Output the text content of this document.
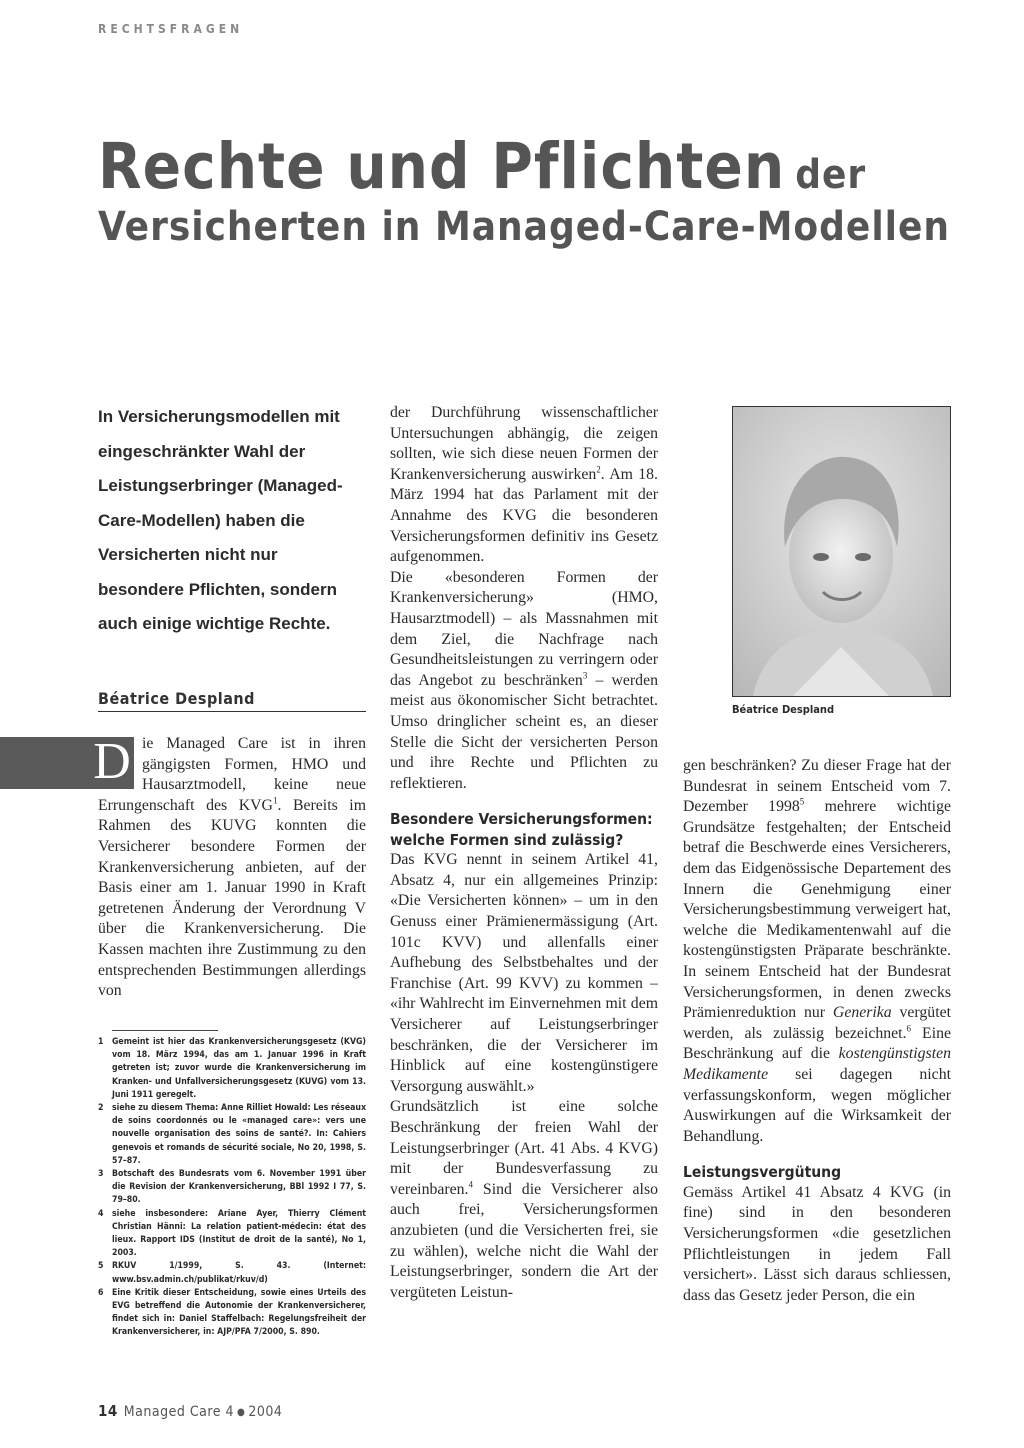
RECHTSFRAGEN
Rechte und Pflichten der
Versicherten in Managed-Care-Modellen
In Versicherungsmodellen mit eingeschränkter Wahl der Leistungserbringer (Managed-Care-Modellen) haben die Versicherten nicht nur besondere Pflichten, sondern auch einige wichtige Rechte.
Béatrice Despland

D ie Managed Care ist in ihren gängigsten Formen, HMO und Hausarztmodell, keine neue Errungenschaft des KVG$^1$. Bereits im Rahmen des KUVG konnten die Versicherer besondere Formen der Krankenversicherung anbieten, auf der Basis einer am 1. Januar 1990 in Kraft getretenen Änderung der Verordnung V über die Krankenversicherung. Die Kassen machten ihre Zustimmung zu den entsprechenden Bestimmungen allerdings von

1 Gemeint ist hier das Krankenversicherungsgesetz (KVG) vom 18. März 1994, das am 1. Januar 1996 in Kraft getreten ist; zuvor wurde die Krankenversicherung im Kranken- und Unfallversicherungsgesetz (KUVG) vom 13. Juni 1911 geregelt.
2 siehe zu diesem Thema: Anne Rilliet Howald: Les réseaux de soins coordonnés ou le «managed care»: vers une nouvelle organisation des soins de santé?. In: Cahiers genevois et romands de sécurité sociale, No 20, 1998, S. 57–87.
3 Botschaft des Bundesrats vom 6. November 1991 über die Revision der Krankenversicherung, BBl 1992 I 77, S. 79–80.
4 siehe insbesondere: Ariane Ayer, Thierry Clément Christian Hänni: La relation patient-médecin: état des lieux. Rapport IDS (Institut de droit de la santé), No 1, 2003.
5 RKUV 1/1999, S. 43. (Internet: www.bsv.admin.ch/publikat/rkuv/d)
6 Eine Kritik dieser Entscheidung, sowie eines Urteils des EVG betreffend die Autonomie der Krankenversicherer, findet sich in: Daniel Staffelbach: Regelungsfreiheit der Krankenversicherer, in: AJP/PFA 7/2000, S. 890.

der Durchführung wissenschaftlicher Untersuchungen abhängig, die zeigen sollten, wie sich diese neuen Formen der Krankenversicherung auswirken$^2$. Am 18. März 1994 hat das Parlament mit der Annahme des KVG die besonderen Versicherungsformen definitiv ins Gesetz aufgenommen.

Die «besonderen Formen der Krankenversicherung» (HMO, Hausarztmodell) – als Massnahmen mit dem Ziel, die Nachfrage nach Gesundheitsleistungen zu verringern oder das Angebot zu beschränken$^3$ – werden meist aus ökonomischer Sicht betrachtet. Umso dringlicher scheint es, an dieser Stelle die Sicht der versicherten Person und ihre Rechte und Pflichten zu reflektieren.

Besondere Versicherungsformen: welche Formen sind zulässig?

Das KVG nennt in seinem Artikel 41, Absatz 4, nur ein allgemeines Prinzip: «Die Versicherten können» – um in den Genuss einer Prämienermässigung (Art. 101c KVV) und allenfalls einer Aufhebung des Selbstbehaltes und der Franchise (Art. 99 KVV) zu kommen – «ihr Wahlrecht im Einvernehmen mit dem Versicherer auf Leistungserbringer beschränken, die der Versicherer im Hinblick auf eine kostengünstigere Versorgung auswählt.»

Grundsätzlich ist eine solche Beschränkung der freien Wahl der Leistungserbringer (Art. 41 Abs. 4 KVG) mit der Bundesverfassung zu vereinbaren.$^4$ Sind die Versicherer also auch frei, Versicherungsformen anzubieten (und die Versicherten frei, sie zu wählen), welche nicht die Wahl der Leistungserbringer, sondern die Art der vergüteten Leistun-

Béatrice Despland

gen beschränken? Zu dieser Frage hat der Bundesrat in seinem Entscheid vom 7. Dezember 1998$^5$ mehrere wichtige Grundsätze festgehalten; der Entscheid betraf die Beschwerde eines Versicherers, dem das Eidgenössische Departement des Innern die Genehmigung einer Versicherungsbestimmung verweigert hat, welche die Medikamentenwahl auf die kostengünstigsten Präparate beschränkte. In seinem Entscheid hat der Bundesrat Versicherungsformen, in denen zwecks Prämienreduktion nur Generika vergütet werden, als zulässig bezeichnet.$^6$ Eine Beschränkung auf die kostengünstigsten Medikamente sei dagegen nicht verfassungskonform, wegen möglicher Auswirkungen auf die Wirksamkeit der Behandlung.

Leistungsvergütung

Gemäss Artikel 41 Absatz 4 KVG (in fine) sind in den besonderen Versicherungsformen «die gesetzlichen Pflichtleistungen in jedem Fall versichert». Lässt sich daraus schliessen, dass das Gesetz jeder Person, die ein

14 Managed Care 4 ● 2004
